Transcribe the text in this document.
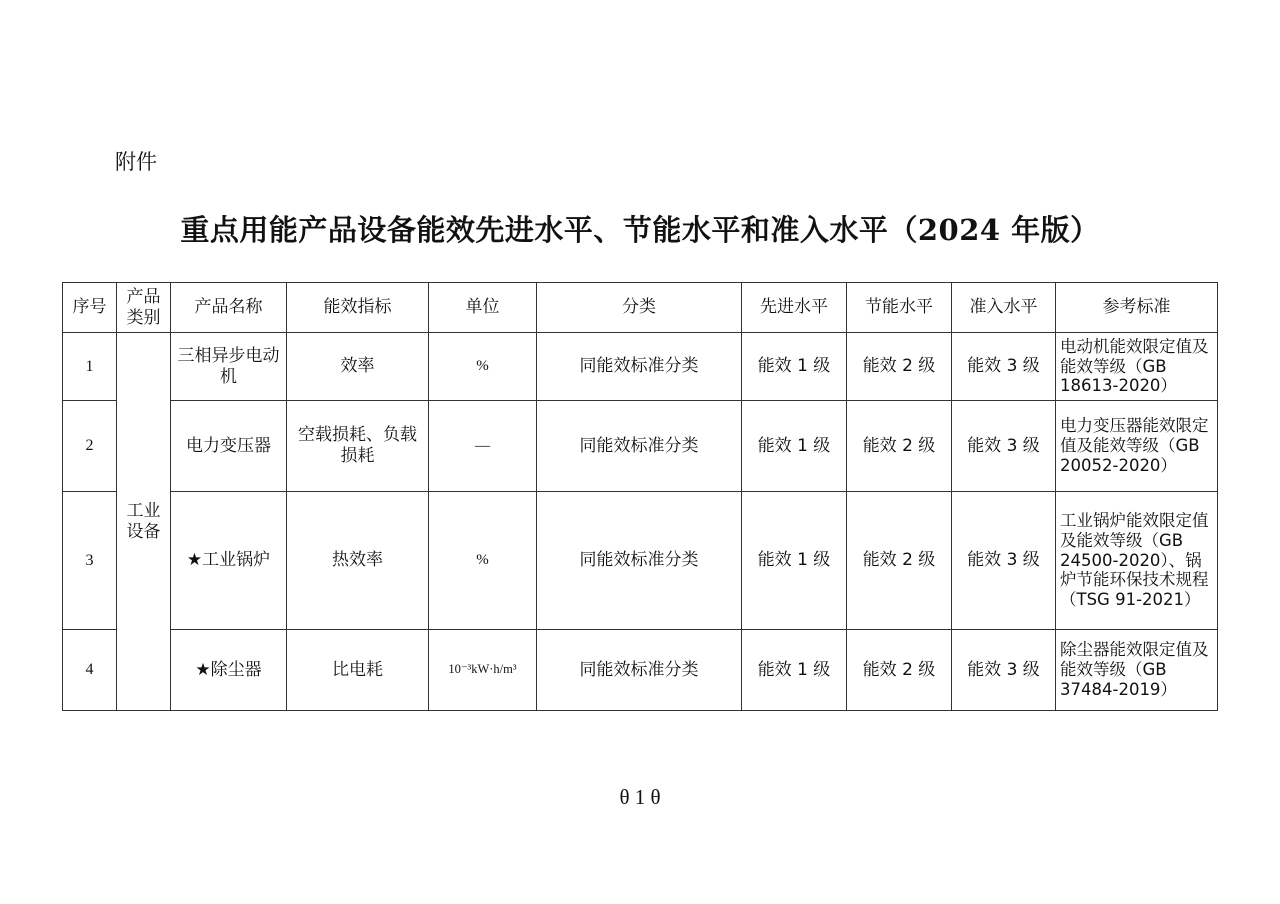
附件
重点用能产品设备能效先进水平、节能水平和准入水平（2024 年版）
序号	产品类别	产品名称	能效指标	单位	分类	先进水平	节能水平	准入水平	参考标准
1	工业设备	三相异步电动机	效率	%	同能效标准分类	能效 1 级	能效 2 级	能效 3 级	电动机能效限定值及能效等级（GB 18613-2020）
2		电力变压器	空载损耗、负载损耗	—	同能效标准分类	能效 1 级	能效 2 级	能效 3 级	电力变压器能效限定值及能效等级（GB 20052-2020）
3		★工业锅炉	热效率	%	同能效标准分类	能效 1 级	能效 2 级	能效 3 级	工业锅炉能效限定值及能效等级（GB 24500-2020）、锅炉节能环保技术规程（TSG 91-2021）
4		★除尘器	比电耗	10⁻³kW·h/m³	同能效标准分类	能效 1 级	能效 2 级	能效 3 级	除尘器能效限定值及能效等级（GB 37484-2019）
θ 1 θ
